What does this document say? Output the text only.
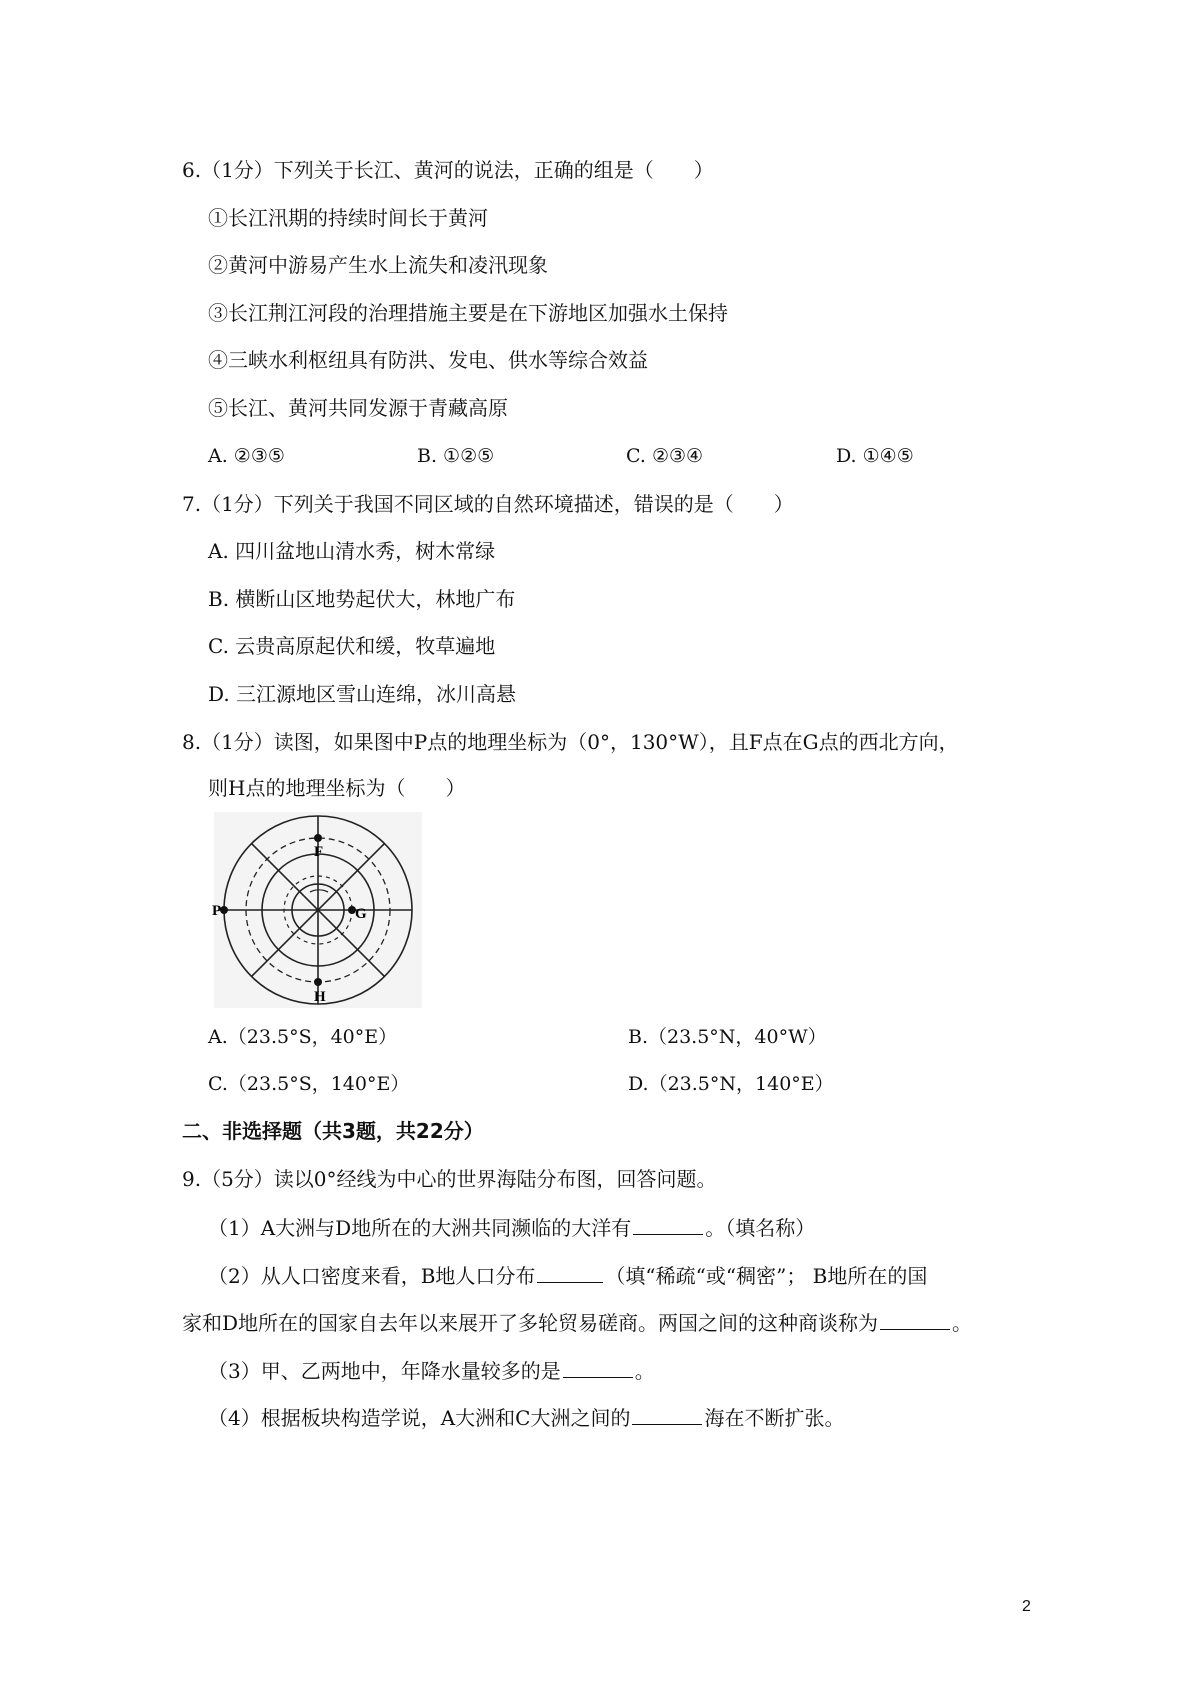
6.（1分）下列关于长江、黄河的说法，正确的组是（　　）
①长江汛期的持续时间长于黄河
②黄河中游易产生水上流失和凌汛现象
③长江荆江河段的治理措施主要是在下游地区加强水土保持
④三峡水利枢纽具有防洪、发电、供水等综合效益
⑤长江、黄河共同发源于青藏高原
A. ②③⑤	B. ①②⑤	C. ②③④	D. ①④⑤
7.（1分）下列关于我国不同区域的自然环境描述，错误的是（　　）
A. 四川盆地山清水秀，树木常绿
B. 横断山区地势起伏大，林地广布
C. 云贵高原起伏和缓，牧草遍地
D. 三江源地区雪山连绵，冰川高悬
8.（1分）读图，如果图中P点的地理坐标为（0°，130°W），且F点在G点的西北方向，
则H点的地理坐标为（　　）
P
F
G
H
A.（23.5°S，40°E）	B.（23.5°N，40°W）
C.（23.5°S，140°E）	D.（23.5°N，140°E）
二、非选择题（共3题，共22分）
9.（5分）读以0°经线为中心的世界海陆分布图，回答问题。
（1）A大洲与D地所在的大洲共同濒临的大洋有	。（填名称）
（2）从人口密度来看，B地人口分布	（填“稀疏“或“稠密”； B地所在的国
家和D地所在的国家自去年以来展开了多轮贸易磋商。两国之间的这种商谈称为	。
（3）甲、乙两地中，年降水量较多的是	。
（4）根据板块构造学说，A大洲和C大洲之间的	海在不断扩张。
2
